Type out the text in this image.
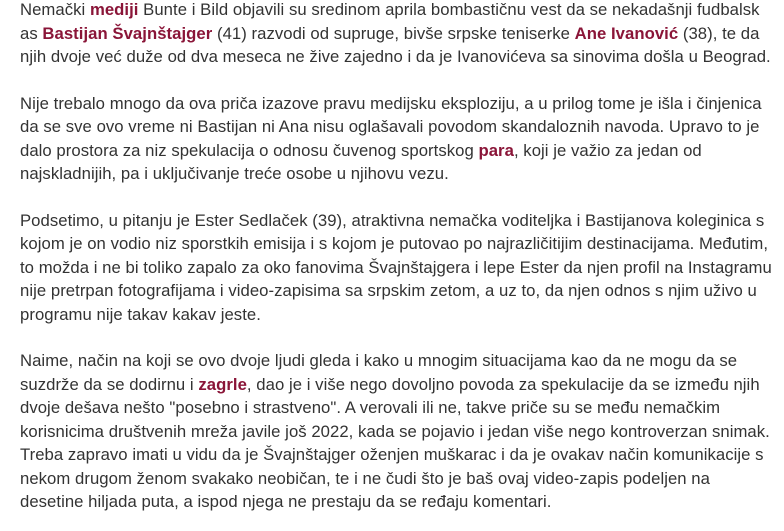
Nemački mediji Bunte i Bild objavili su sredinom aprila bombastičnu vest da se nekadašnji fudbalsk as Bastijan Švajnštajger (41) razvodi od supruge, bivše srpske teniserke Ane Ivanović (38), te da njih dvoje već duže od dva meseca ne žive zajedno i da je Ivanovićeva sa sinovima došla u Beograd.

Nije trebalo mnogo da ova priča izazove pravu medijsku eksploziju, a u prilog tome je išla i činjenica da se sve ovo vreme ni Bastijan ni Ana nisu oglašavali povodom skandaloznih navoda. Upravo to je dalo prostora za niz spekulacija o odnosu čuvenog sportskog para, koji je važio za jedan od najskladnijih, pa i uključivanje treće osobe u njihovu vezu.

Podsetimo, u pitanju je Ester Sedlaček (39), atraktivna nemačka voditeljka i Bastijanova koleginica s kojom je on vodio niz sporstkih emisija i s kojom je putovao po najrazličitijim destinacijama. Međutim, to možda i ne bi toliko zapalo za oko fanovima Švajnštajgera i lepe Ester da njen profil na Instagramu nije pretrpan fotografijama i video-zapisima sa srpskim zetom, a uz to, da njen odnos s njim uživo u programu nije takav kakav jeste.

Naime, način na koji se ovo dvoje ljudi gleda i kako u mnogim situacijama kao da ne mogu da se suzdrže da se dodirnu i zagrle, dao je i više nego dovoljno povoda za spekulacije da se između njih dvoje dešava nešto "posebno i strastveno". A verovali ili ne, takve priče su se među nemačkim korisnicima društvenih mreža javile još 2022, kada se pojavio i jedan više nego kontroverzan snimak. Treba zapravo imati u vidu da je Švajnštajger oženjen muškarac i da je ovakav način komunikacije s nekom drugom ženom svakako neobičan, te i ne čudi što je baš ovaj video-zapis podeljen na desetine hiljada puta, a ispod njega ne prestaju da se ređaju komentari.
